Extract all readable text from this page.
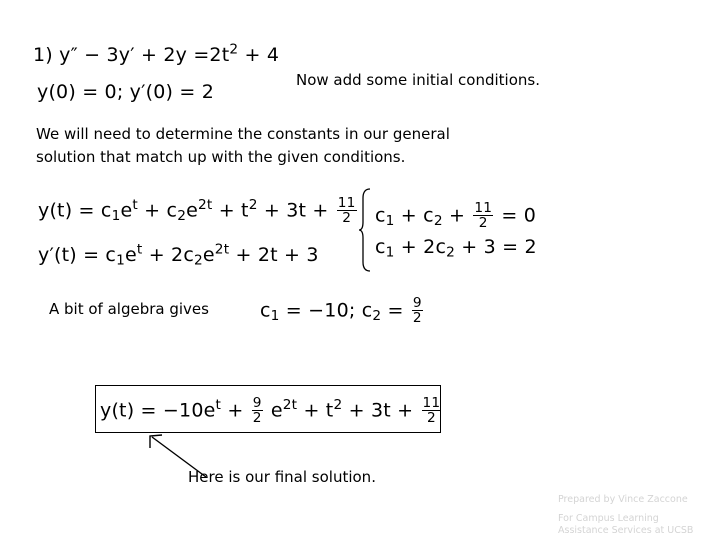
1) $y'' - 3y' + 2y =2t^2 + 4$
y(0) = 0; y′(0) = 2
Now add some initial conditions.
We will need to determine the constants in our general
solution that match up with the given conditions.
$y(t) = c_1e^t + c_2e^{2t} + t^2 + 3t + \frac{11}{2}$
$y'(t) = c_1e^t + 2c_2e^{2t} + 2t + 3$
$c_1 + c_2 + \frac{11}{2} = 0$
$c_1 + 2c_2 + 3 = 2$
A bit of algebra gives	$c_1 = -10$; $c_2 = \frac{9}{2}$
$y(t) = -10e^t + \frac{9}{2} e^{2t} + t^2 + 3t + \frac{11}{2}$
Here is our final solution.
Prepared by Vince Zaccone
For Campus Learning
Assistance Services at UCSB
